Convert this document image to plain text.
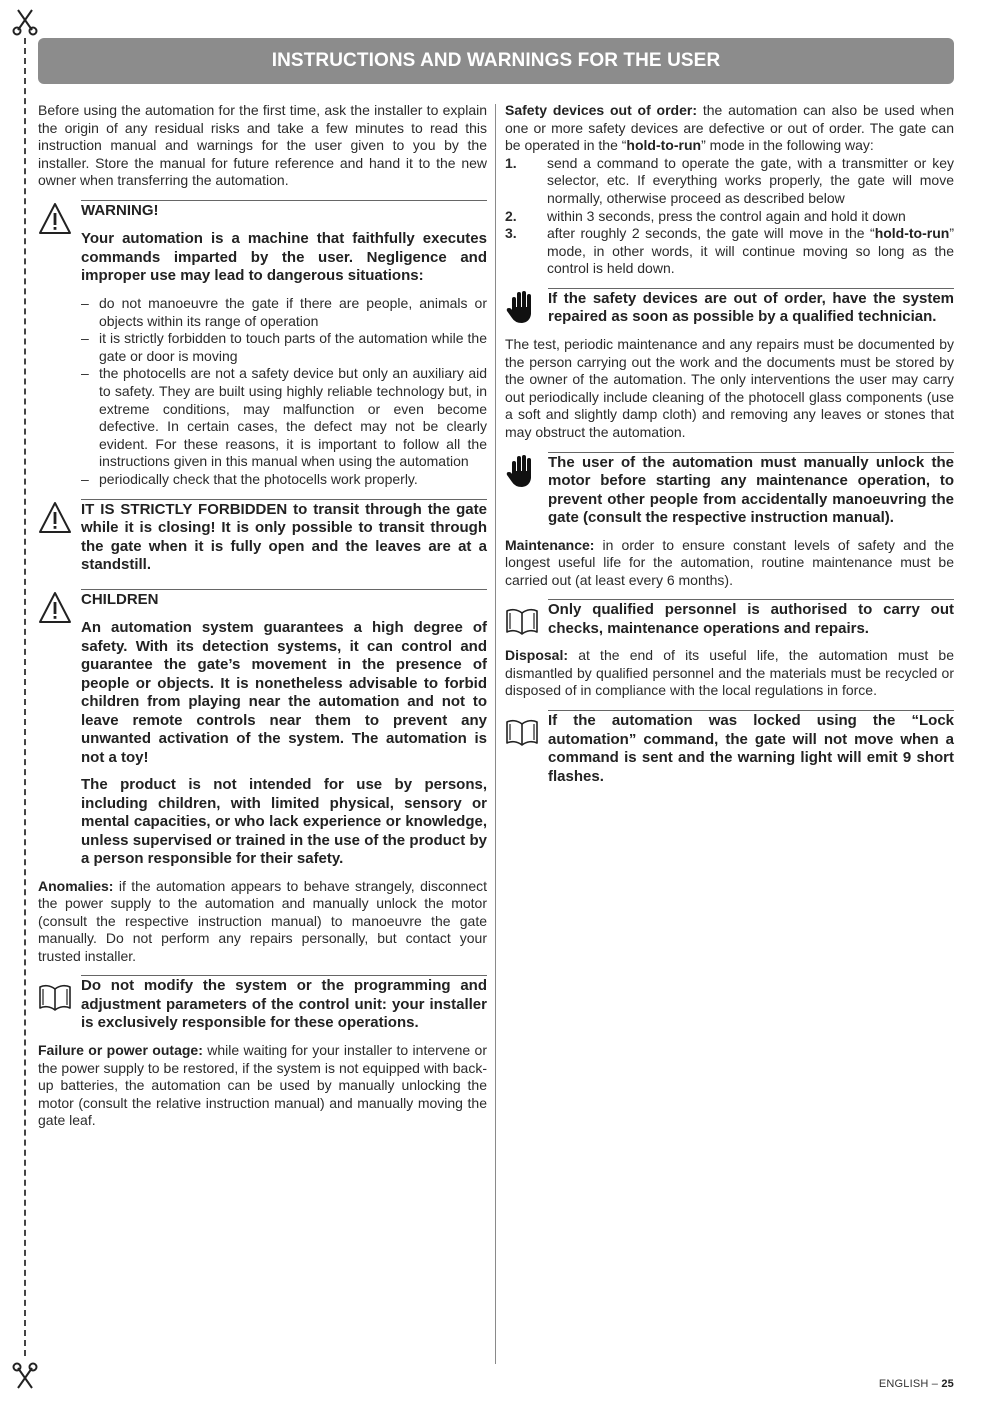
INSTRUCTIONS AND WARNINGS FOR THE USER

Before using the automation for the first time, ask the installer to explain the origin of any residual risks and take a few minutes to read this instruction manual and warnings for the user given to you by the installer. Store the manual for future reference and hand it to the new owner when transferring the automation.

WARNING!
Your automation is a machine that faithfully executes commands imparted by the user. Negligence and improper use may lead to dangerous situations:
– do not manoeuvre the gate if there are people, animals or objects within its range of operation
– it is strictly forbidden to touch parts of the automation while the gate or door is moving
– the photocells are not a safety device but only an auxiliary aid to safety. They are built using highly reliable technology but, in extreme conditions, may malfunction or even become defective. In certain cases, the defect may not be clearly evident. For these reasons, it is important to follow all the instructions given in this manual when using the automation
– periodically check that the photocells work properly.
IT IS STRICTLY FORBIDDEN to transit through the gate while it is closing! It is only possible to transit through the gate when it is fully open and the leaves are at a standstill.
CHILDREN
An automation system guarantees a high degree of safety. With its detection systems, it can control and guarantee the gate’s movement in the presence of people or objects. It is nonetheless advisable to forbid children from playing near the automation and not to leave remote controls near them to prevent any unwanted activation of the system. The automation is not a toy!
The product is not intended for use by persons, including children, with limited physical, sensory or mental capacities, or who lack experience or knowledge, unless supervised or trained in the use of the product by a person responsible for their safety.

Anomalies: if the automation appears to behave strangely, disconnect the power supply to the automation and manually unlock the motor (consult the respective instruction manual) to manoeuvre the gate manually. Do not perform any repairs personally, but contact your trusted installer.

Do not modify the system or the programming and adjustment parameters of the control unit: your installer is exclusively responsible for these operations.

Failure or power outage: while waiting for your installer to intervene or the power supply to be restored, if the system is not equipped with back-up batteries, the automation can be used by manually unlocking the motor (consult the relative instruction manual) and manually moving the gate leaf.

Safety devices out of order: the automation can also be used when one or more safety devices are defective or out of order. The gate can be operated in the “hold-to-run” mode in the following way:

1. send a command to operate the gate, with a transmitter or key selector, etc. If everything works properly, the gate will move normally, otherwise proceed as described below
2. within 3 seconds, press the control again and hold it down
3. after roughly 2 seconds, the gate will move in the “hold-to-run” mode, in other words, it will continue moving so long as the control is held down.
If the safety devices are out of order, have the system repaired as soon as possible by a qualified technician.

The test, periodic maintenance and any repairs must be documented by the person carrying out the work and the documents must be stored by the owner of the automation. The only interventions the user may carry out periodically include cleaning of the photocell glass components (use a soft and slightly damp cloth) and removing any leaves or stones that may obstruct the automation.

The user of the automation must manually unlock the motor before starting any maintenance operation, to prevent other people from accidentally manoeuvring the gate (consult the respective instruction manual).

Maintenance: in order to ensure constant levels of safety and the longest useful life for the automation, routine maintenance must be carried out (at least every 6 months).

Only qualified personnel is authorised to carry out checks, maintenance operations and repairs.

Disposal: at the end of its useful life, the automation must be dismantled by qualified personnel and the materials must be recycled or disposed of in compliance with the local regulations in force.

If the automation was locked using the “Lock automation” command, the gate will not move when a command is sent and the warning light will emit 9 short flashes.
ENGLISH – 25
